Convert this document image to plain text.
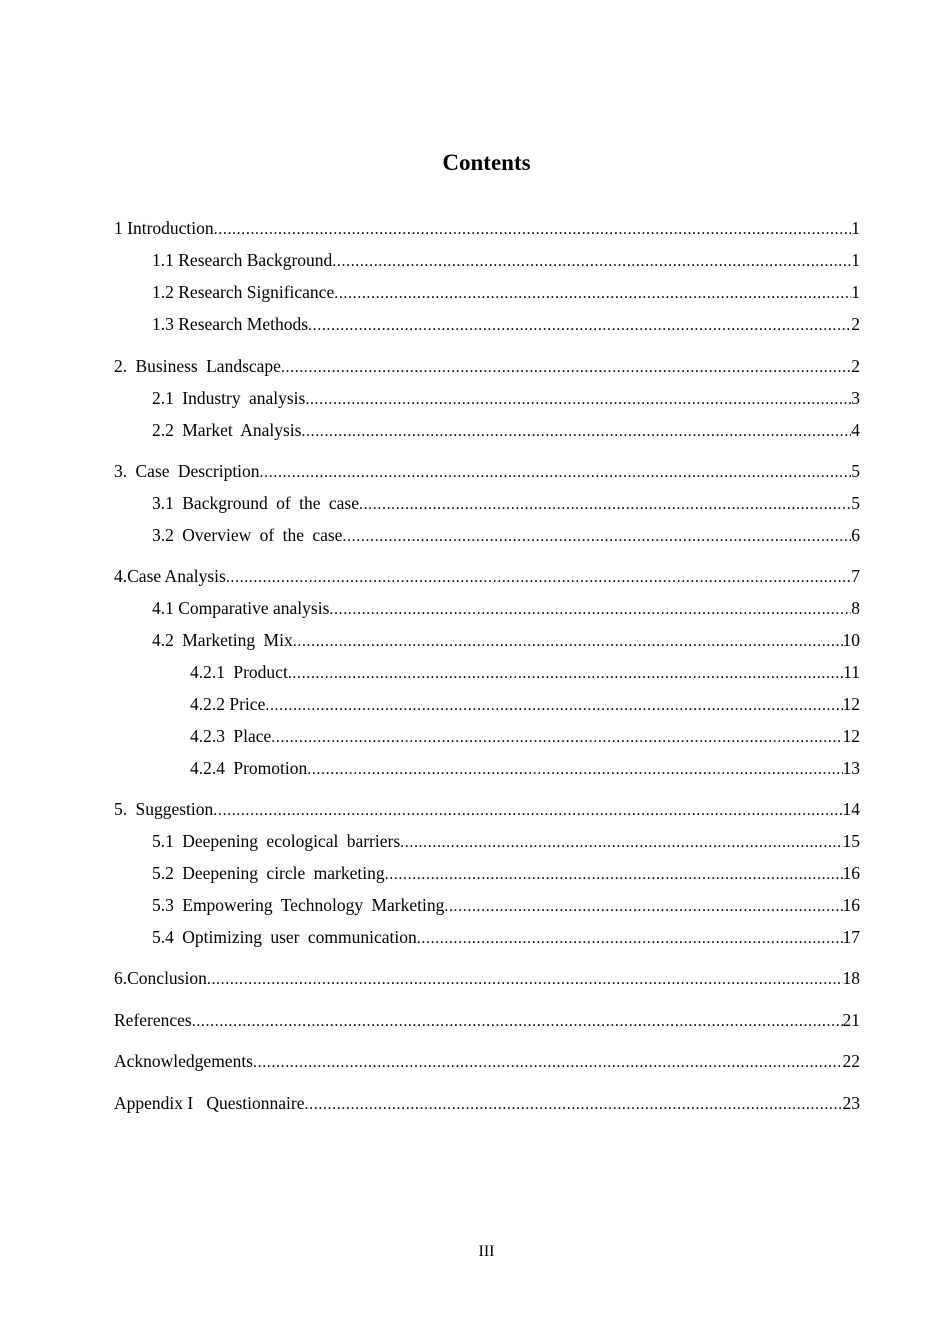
Contents
1 Introduction .....	1
1.1 Research Background .....	1
1.2 Research Significance .....	1
1.3 Research Methods .....	2
2. Business Landscape .....	2
2.1 Industry analysis .....	3
2.2 Market Analysis .....	4
3. Case Description .....	5
3.1 Background of the case .....	5
3.2 Overview of the case .....	6
4.Case Analysis .....	7
4.1 Comparative analysis .....	8
4.2 Marketing Mix .....	10
4.2.1 Product .....	11
4.2.2 Price .....	12
4.2.3 Place .....	12
4.2.4 Promotion .....	13
5. Suggestion .....	14
5.1 Deepening ecological barriers .....	15
5.2 Deepening circle marketing .....	16
5.3 Empowering Technology Marketing .....	16
5.4 Optimizing user communication .....	17
6.Conclusion .....	18
References .....	21
Acknowledgements .....	22
Appendix I   Questionnaire .....	23
III
